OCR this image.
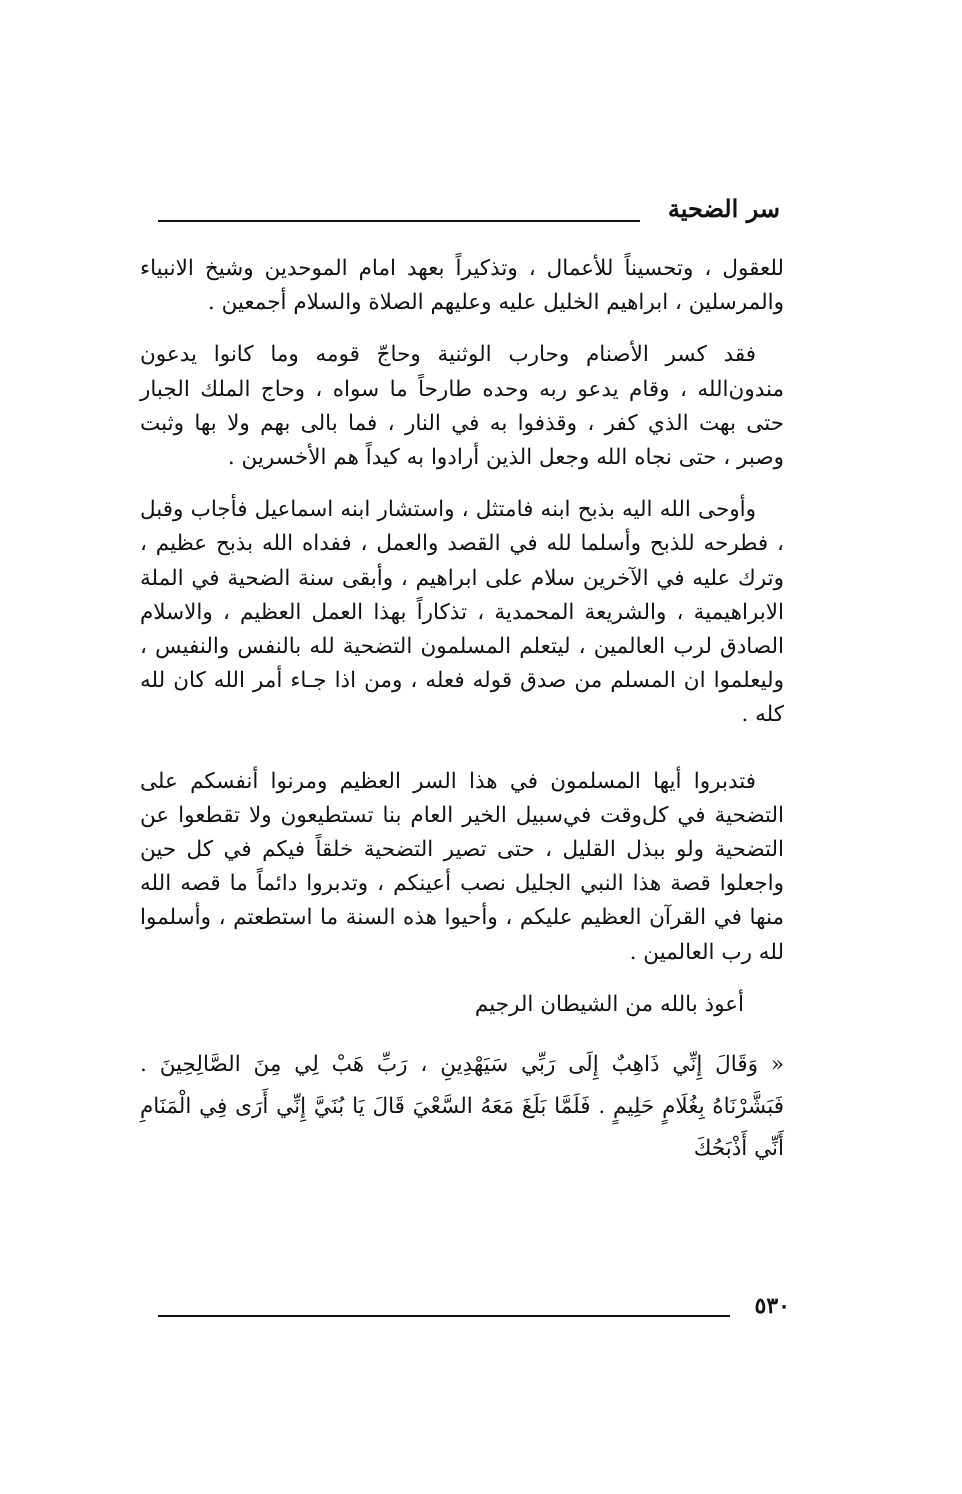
سر الضحية

للعقول ، وتحسيناً للأعمال ، وتذكيراً بعهد امام الموحدين وشيخ الانبياء والمرسلين ، ابراهيم الخليل عليه وعليهم الصلاة والسلام أجمعين .

فقد كسر الأصنام وحارب الوثنية وحاجّ قومه وما كانوا يدعون مندون‌الله ، وقام يدعو ربه وحده طارحاً ما سواه ، وحاج الملك الجبار حتى بهت الذي كفر ، وقذفوا به في النار ، فما بالى بهم ولا بها وثبت وصبر ، حتى نجاه الله وجعل الذين أرادوا به كيداً هم الأخسرين .

وأوحى الله اليه بذبح ابنه فامتثل ، واستشار ابنه اسماعيل فأجاب وقبل ، فطرحه للذبح وأسلما لله في القصد والعمل ، ففداه الله بذبح عظيم ، وترك عليه في الآخرين سلام على ابراهيم ، وأبقى سنة الضحية في الملة الابراهيمية ، والشريعة المحمدية ، تذكاراً بهذا العمل العظيم ، والاسلام الصادق لرب العالمين ، ليتعلم المسلمون التضحية لله بالنفس والنفيس ، وليعلموا ان المسلم من صدق قوله فعله ، ومن اذا جـاء أمر الله كان لله كله .

فتدبروا أيها المسلمون في هذا السر العظيم ومرنوا أنفسكم على التضحية في كل‌وقت في‌سبيل الخير العام بنا تستطيعون ولا تقطعوا عن التضحية ولو ببذل القليل ، حتى تصير التضحية خلقاً فيكم في كل حين واجعلوا قصة هذا النبي الجليل نصب أعينكم ، وتدبروا دائماً ما قصه الله منها في القرآن العظيم عليكم ، وأحيوا هذه السنة ما استطعتم ، وأسلموا لله رب العالمين .

أعوذ بالله من الشيطان الرجيم

« وَقَالَ إِنِّي ذَاهِبٌ إِلَى رَبِّي سَيَهْدِينِ ، رَبِّ هَبْ لِي مِنَ الصَّالِحِينَ . فَبَشَّرْنَاهُ بِغُلَامٍ حَلِيمٍ . فَلَمَّا بَلَغَ مَعَهُ السَّعْيَ قَالَ يَا بُنَيَّ إِنِّي أَرَى فِي الْمَنَامِ أَنِّي أَذْبَحُكَ

٥٣٠
